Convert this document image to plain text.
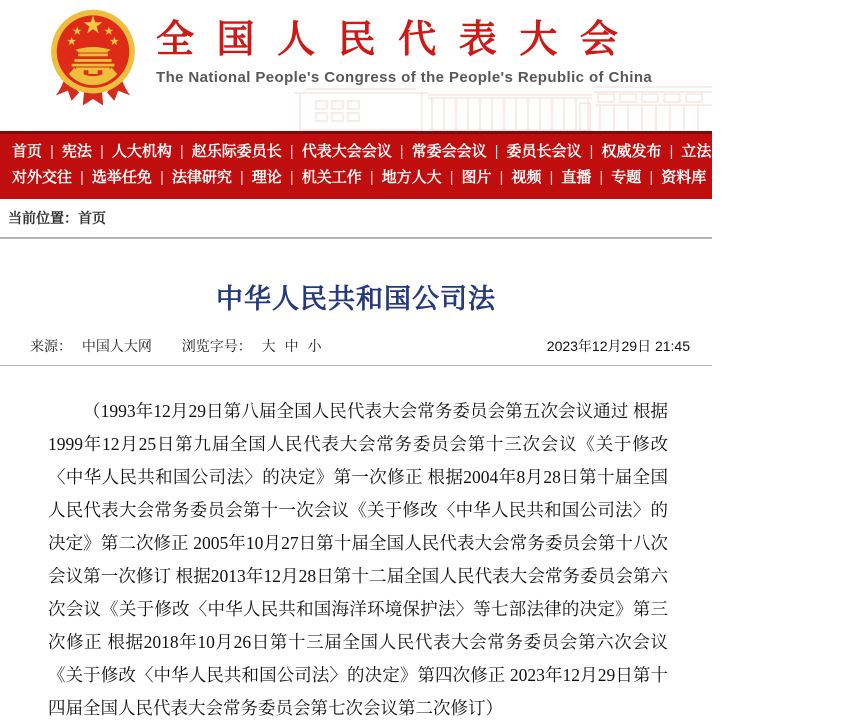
全 国 人 民 代 表 大 会
The National People's Congress of the People's Republic of China
首页	| 宪法	| 人大机构	| 赵乐际委员长	| 代表大会会议	| 常委会会议	| 委员长会议	| 权威发布	| 立法	| 监督	| 代表
对外交往	| 选举任免	| 法律研究	| 理论	| 机关工作	| 地方人大	| 图片	| 视频	| 直播	| 专题	| 资料库	| 国旗	| 国歌	| 国徽
当前位置：首页
中华人民共和国公司法
来源： 中国人大网 浏览字号： 大 中 小	2023年12月29日 21:45

（1993年12月29日第八届全国人民代表大会常务委员会第五次会议通过 根据1999年12月25日第九届全国人民代表大会常务委员会第十三次会议《关于修改〈中华人民共和国公司法〉的决定》第一次修正 根据2004年8月28日第十届全国人民代表大会常务委员会第十一次会议《关于修改〈中华人民共和国公司法〉的决定》第二次修正 2005年10月27日第十届全国人民代表大会常务委员会第十八次会议第一次修订 根据2013年12月28日第十二届全国人民代表大会常务委员会第六次会议《关于修改〈中华人民共和国海洋环境保护法〉等七部法律的决定》第三次修正 根据2018年10月26日第十三届全国人民代表大会常务委员会第六次会议《关于修改〈中华人民共和国公司法〉的决定》第四次修正 2023年12月29日第十四届全国人民代表大会常务委员会第七次会议第二次修订）
